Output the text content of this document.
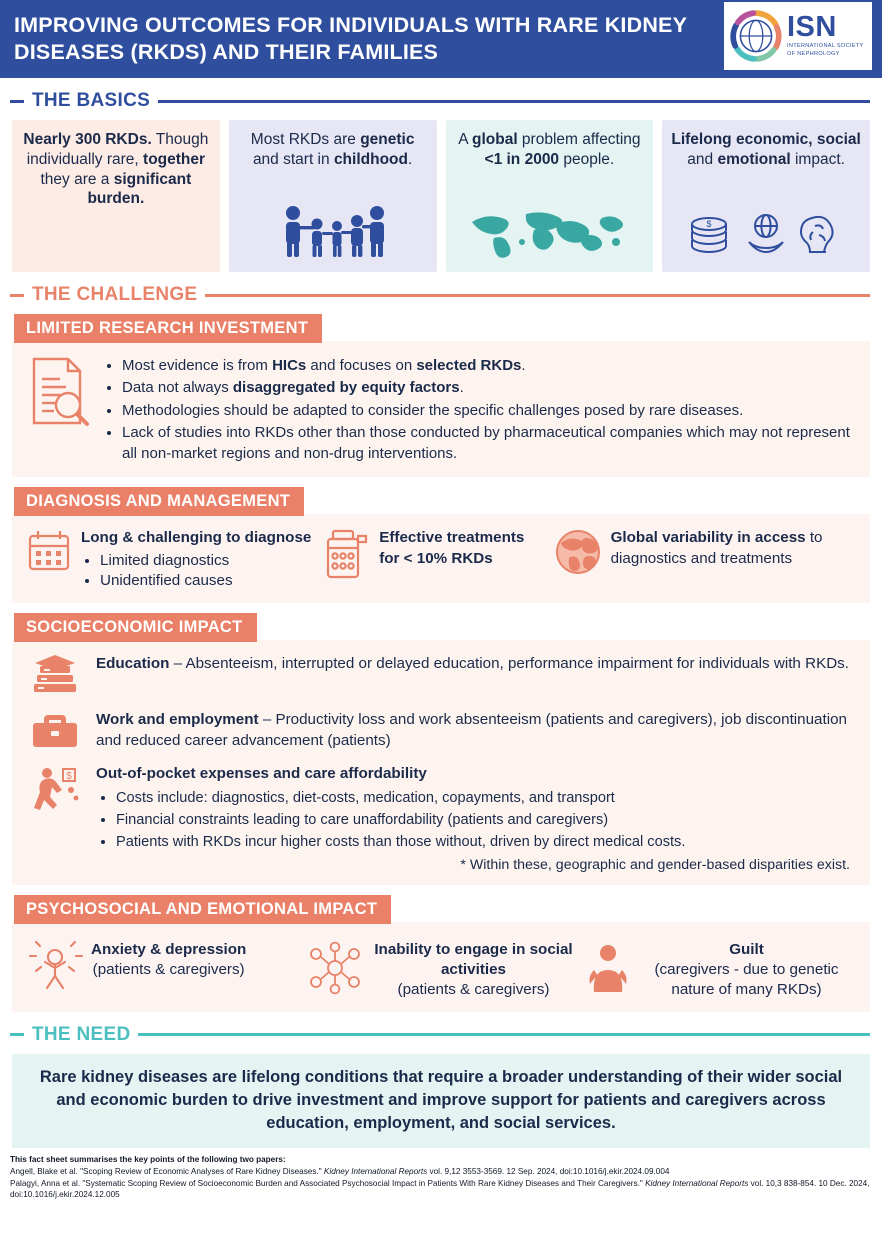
IMPROVING OUTCOMES FOR INDIVIDUALS WITH RARE KIDNEY DISEASES (RKDS) AND THEIR FAMILIES
ISN
INTERNATIONAL SOCIETY
OF NEPHROLOGY
THE BASICS
Nearly 300 RKDs. Though individually rare, together they are a significant burden.
Most RKDs are genetic and start in childhood.
A global problem affecting <1 in 2000 people.
Lifelong economic, social and emotional impact.
$
THE CHALLENGE
LIMITED RESEARCH INVESTMENT
• Most evidence is from HICs and focuses on selected RKDs.
• Data not always disaggregated by equity factors.
• Methodologies should be adapted to consider the specific challenges posed by rare diseases.
• Lack of studies into RKDs other than those conducted by pharmaceutical companies which may not represent all non-market regions and non-drug interventions.
DIAGNOSIS AND MANAGEMENT
Long & challenging to diagnose
• Limited diagnostics
• Unidentified causes
Effective treatments for < 10% RKDs
Global variability in access to diagnostics and treatments
SOCIOECONOMIC IMPACT
Education – Absenteeism, interrupted or delayed education, performance impairment for individuals with RKDs.
Work and employment – Productivity loss and work absenteeism (patients and caregivers), job discontinuation and reduced career advancement (patients)
$ Out-of-pocket expenses and care affordability
• Costs include: diagnostics, diet-costs, medication, copayments, and transport
• Financial constraints leading to care unaffordability (patients and caregivers)
• Patients with RKDs incur higher costs than those without, driven by direct medical costs.
* Within these, geographic and gender-based disparities exist.
PSYCHOSOCIAL AND EMOTIONAL IMPACT
Anxiety & depression
(patients & caregivers)
Inability to engage in social activities
(patients & caregivers)
Guilt
(caregivers - due to genetic nature of many RKDs)
THE NEED
Rare kidney diseases are lifelong conditions that require a broader understanding of their wider social and economic burden to drive investment and improve support for patients and caregivers across education, employment, and social services.
This fact sheet summarises the key points of the following two papers:
Angell, Blake et al. "Scoping Review of Economic Analyses of Rare Kidney Diseases." Kidney International Reports vol. 9,12 3553-3569. 12 Sep. 2024, doi:10.1016/j.ekir.2024.09.004
Palagyi, Anna et al. "Systematic Scoping Review of Socioeconomic Burden and Associated Psychosocial Impact in Patients With Rare Kidney Diseases and Their Caregivers." Kidney International Reports vol. 10,3 838-854. 10 Dec. 2024, doi:10.1016/j.ekir.2024.12.005
